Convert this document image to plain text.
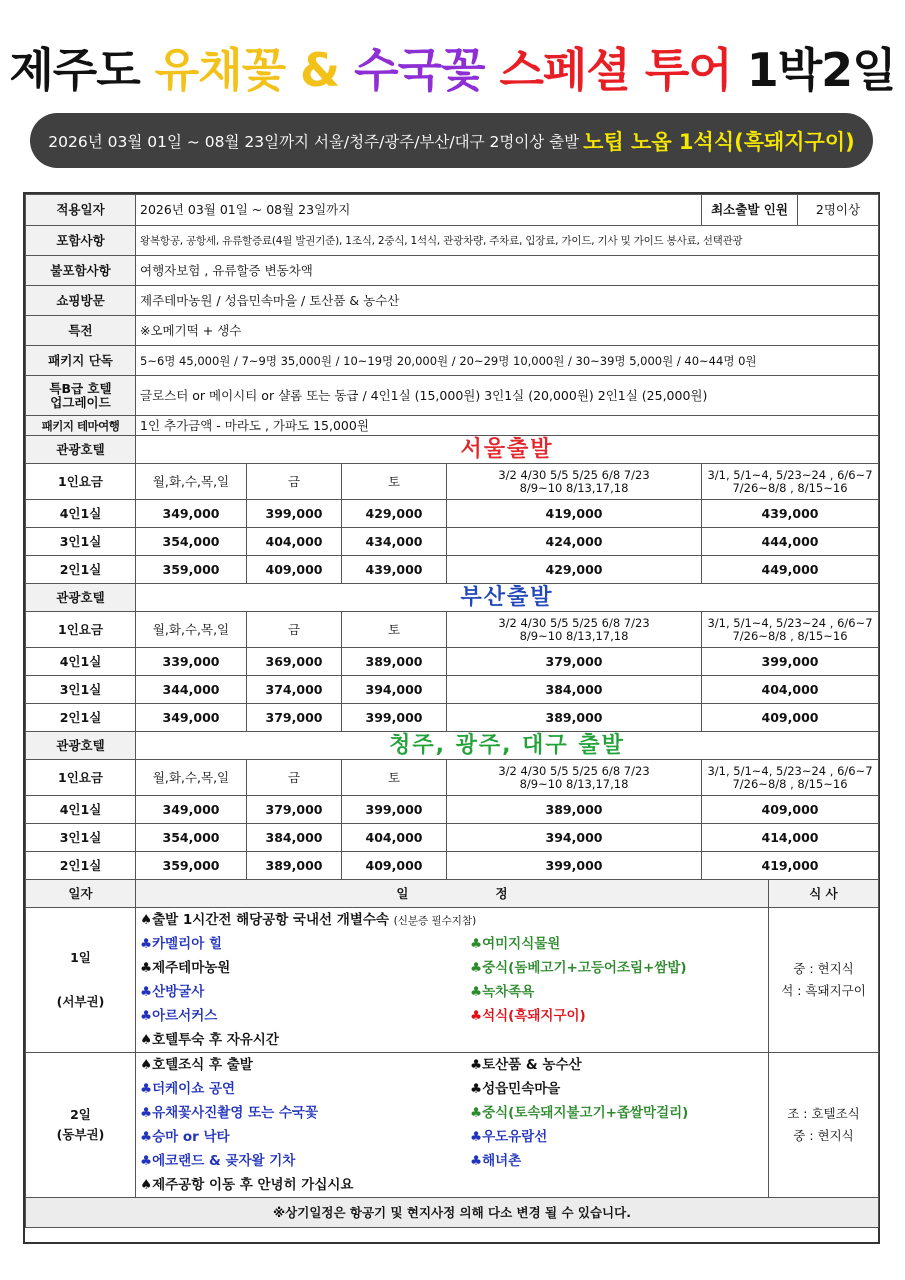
제주도 유채꽃 & 수국꽃 스페셜 투어 1박2일
2026년 03월 01일 ~ 08월 23일까지 서울/청주/광주/부산/대구 2명이상 출발 노팁 노옵 1석식(흑돼지구이)
적용일자	2026년 03월 01일 ~ 08월 23일까지	최소출발 인원	2명이상
포함사항	왕복항공, 공항세, 유류할증료(4월 발권기준), 1조식, 2중식, 1석식, 관광차량, 주차료, 입장료, 가이드, 기사 및 가이드 봉사료, 선택관광
불포함사항	여행자보험 , 유류할증 변동차액
쇼핑방문	제주테마농원 / 성읍민속마을 / 토산품 & 농수산
특전	※오메기떡 + 생수
패키지 단독	5~6명 45,000원 / 7~9명 35,000원 / 10~19명 20,000원 / 20~29명 10,000원 / 30~39명 5,000원 / 40~44명 0원
특B급 호텔
업그레이드	글로스터 or 메이시티 or 샬롬 또는 동급 / 4인1실 (15,000원) 3인1실 (20,000원) 2인1실 (25,000원)
패키지 테마여행	1인 추가금액 - 마라도 , 가파도 15,000원
관광호텔	서울출발
1인요금	월,화,수,목,일	금	토	3/2 4/30 5/5 5/25 6/8 7/23
8/9~10 8/13,17,18	3/1, 5/1~4, 5/23~24 , 6/6~7
7/26~8/8 , 8/15~16
4인1실	349,000	399,000	429,000	419,000	439,000
3인1실	354,000	404,000	434,000	424,000	444,000
2인1실	359,000	409,000	439,000	429,000	449,000
관광호텔	부산출발
1인요금	월,화,수,목,일	금	토	3/2 4/30 5/5 5/25 6/8 7/23
8/9~10 8/13,17,18	3/1, 5/1~4, 5/23~24 , 6/6~7
7/26~8/8 , 8/15~16
4인1실	339,000	369,000	389,000	379,000	399,000
3인1실	344,000	374,000	394,000	384,000	404,000
2인1실	349,000	379,000	399,000	389,000	409,000
관광호텔	청주, 광주, 대구 출발
1인요금	월,화,수,목,일	금	토	3/2 4/30 5/5 5/25 6/8 7/23
8/9~10 8/13,17,18	3/1, 5/1~4, 5/23~24 , 6/6~7
7/26~8/8 , 8/15~16
4인1실	349,000	379,000	399,000	389,000	409,000
3인1실	354,000	384,000	404,000	394,000	414,000
2인1실	359,000	389,000	409,000	399,000	419,000
일자	일                    정	식 사

1일
(서부권)

♠출발 1시간전 해당공항 국내선 개별수속 (신분증 필수지참)
♣카멜리아 힐	♣여미지식물원
♣제주테마농원	♣중식(돔베고기+고등어조림+쌈밥)
♣산방굴사	♣녹차족욕
♣아르서커스	♣석식(흑돼지구이)
♠호텔투숙 후 자유시간

중 : 현지식
석 : 흑돼지구이

2일
(동부권)

♠호텔조식 후 출발	♣토산품 & 농수산
♣더케이쇼 공연	♣성읍민속마을
♣유채꽃사진촬영 또는 수국꽃	♣중식(토속돼지불고기+좁쌀막걸리)
♣승마 or 낙타	♣우도유람선
♣에코랜드 & 곶자왈 기차	♣해녀촌
♠제주공항 이동 후 안녕히 가십시요

조 : 호텔조식
중 : 현지식

※상기일정은 항공기 및 현지사정 의해 다소 변경 될 수 있습니다.
